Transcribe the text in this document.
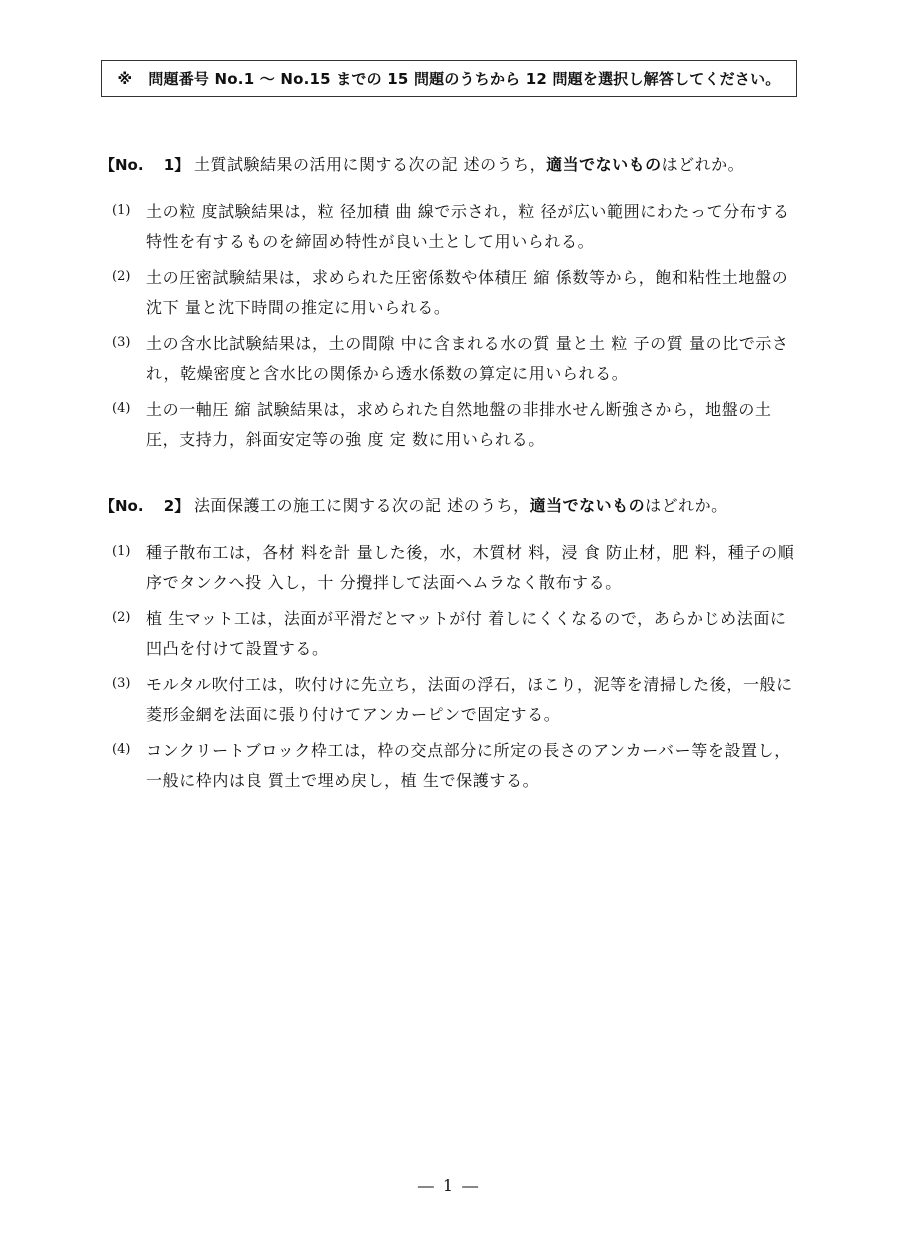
※ 問題番号 No.1 ～ No.15 までの 15 問題のうちから 12 問題を選択し解答してください。
【No.　 1】 土質試験結果の活用に関する次の記 述のうち，適当でないものはどれか。
(1) 土の粒 度試験結果は，粒 径加積 曲 線で示され，粒 径が広い範囲にわたって分布する特性を有するものを締固め特性が良い土として用いられる。
(2) 土の圧密試験結果は，求められた圧密係数や体積圧 縮 係数等から，飽和粘性土地盤の沈下 量と沈下時間の推定に用いられる。
(3) 土の含水比試験結果は，土の間隙 中に含まれる水の質 量と土 粒 子の質 量の比で示され，乾燥密度と含水比の関係から透水係数の算定に用いられる。
(4) 土の一軸圧 縮 試験結果は，求められた自然地盤の非排水せん断強さから，地盤の土圧，支持力，斜面安定等の強 度 定 数に用いられる。
【No.　 2】 法面保護工の施工に関する次の記 述のうち，適当でないものはどれか。
(1) 種子散布工は，各材 料を計 量した後，水，木質材 料，浸 食 防止材，肥 料，種子の順 序でタンクへ投 入し，十 分攪拌して法面へムラなく散布する。
(2) 植 生マット工は，法面が平滑だとマットが付 着しにくくなるので，あらかじめ法面に凹凸を付けて設置する。
(3) モルタル吹付工は，吹付けに先立ち，法面の浮石，ほこり，泥等を清掃した後，一般に菱形金網を法面に張り付けてアンカーピンで固定する。
(4) コンクリートブロック枠工は，枠の交点部分に所定の長さのアンカーバー等を設置し，一般に枠内は良 質土で埋め戻し，植 生で保護する。
― 1 ―
